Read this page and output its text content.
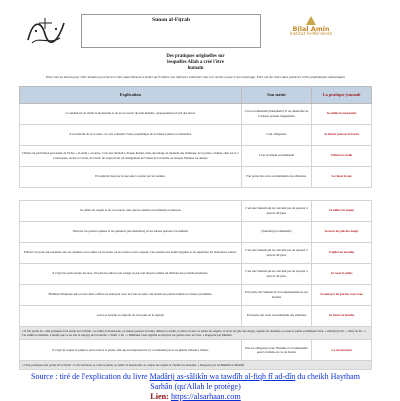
Sunan al-Fiṭrah
Bilal Amin
Institut Al-Ma'dinah
Des pratiques originelles sur
lesquelles Allah a créé l'être
humain
Elles sont au besoin pour l'être humain qui tend vers elles naturellement à mettre qu'il reflexe non influence extérieure tout à le recette ou par à son entourage. Elles ont été citées dans plusieurs récits prophétiques authentiques
Explication	Son statut	La pratique (sunnah
La sunnah est de tailler la moustache et de la raccourcir de telle manière, qu'apparaisse le bord des lèvres	C'est recommandé (mustaḥabb). Il est détestable de la laisser pousser longuement	Se tailler la moustache
Il est interdit de se la raser, car cela contredit l'ordre prophétique de la laisser pousser et abondante	C'est obligatoire	Se laisser pousser la barbe
Utiliser un petit bâton provenant de l'arbre « al-Arâk » ou autre. C'est une Sunnah à chaque instant, mais davantage au moment des ablutions, de la prière, d'entrer chez soi et à la mosquée, de lire le Coran, de réveil, de s'apercevoir un changement de l'odeur de la bouche ou lorsque l'haleine est altérée	C'est vivement recommandé	Utiliser le siwāk
En aspirant l'eau par le nez puis la rejeter par les narines.	Fait partie des actes recommandés des ablutions.	Se rincer le nez

Se tailler les ongles et les raccourcir, sans que les saletés s'accumulent en dessous	C'est une Sunnah qui ne convient pas de reporter à plus de 40 jours	Se tailler les ongles
Nettoyer les parties repliées et les jointures (des membres) où les saletés peuvent s'accumuler	(Sunnah) (recommandé)	Se laver les plis des doigts
Enlever les poils qui poussent sous les aisselles et les épiler en les tirant, en les rasant ou les coupant. Cela permet une bonne hygiène et de supprimer les mauvaises odeurs.	C'est une Sunnah qui ne convient pas de reporter à plus de 40 jours	S'épiler les aisselles
Il s'agit des poils autour du sexe. On peut les enlever par rasage ou par tout moyen comme un utilisant des produits modernes.	C'est une Sunnah qui ne convient pas de reporter à plus de 40 jours	Se raser le pubis
Éliminer l'impureté qui sort des deux orifices en nettoyant avec de l'eau ou autre. On nettoie les parties intimes et à leurs proximités.	Fait partie des Sunnah de l'accomplissement de ses besoins	Se nettoyer les parties avec l'eau
Laver sa bouche en aspirant de l'eau puis en la rejetant	Fait partie des actes recommandés des ablutions	Se rincer la bouche
« Il fait partie de « Dix pratiques font partie de la Fiṭrah : se tailler la moustache, se laisser pousser la barbe, utiliser le siwāk, se rincer le nez, se tailler les ongles, se laver les plis des doigts, s'épiler les aisselles, se raser le pubis et diminuer l'eau. » Zakariyyâ dit : « Muṣʿab dit : « J'ai oublié la dixième, à moins que ce ne soit le rinçage de la bouche. » Wakîʿ a dit : « Diminuer l'eau signifie se nettoyer les parties avec de l'eau. » Rapporté par Muslim		
Il s'agit de couper le prépuce qui recouvre le gland, afin que les impuretés ne s'y accumulent pas et ne gênent l'absence d'urine	Elle est obligatoire pour l'homme et recommandée pour la femme en cas de besoin	La circoncision
« Cinq pratiques font partie de la Fiṭrah : la circoncision, se raser le pubis, se tailler la moustache, se couper les ongles et s'épiler les aisselles. » Rapporté par Al-Bukhârî et Muslim		
Source : tiré de l'explication du livre Madârij as-sâlikîn wa tawdîh al-fiqh fî ad-dîn du cheikh Haytham Sarhân (qu'Allah le protège)
Lien: https://alsarhaan.com
